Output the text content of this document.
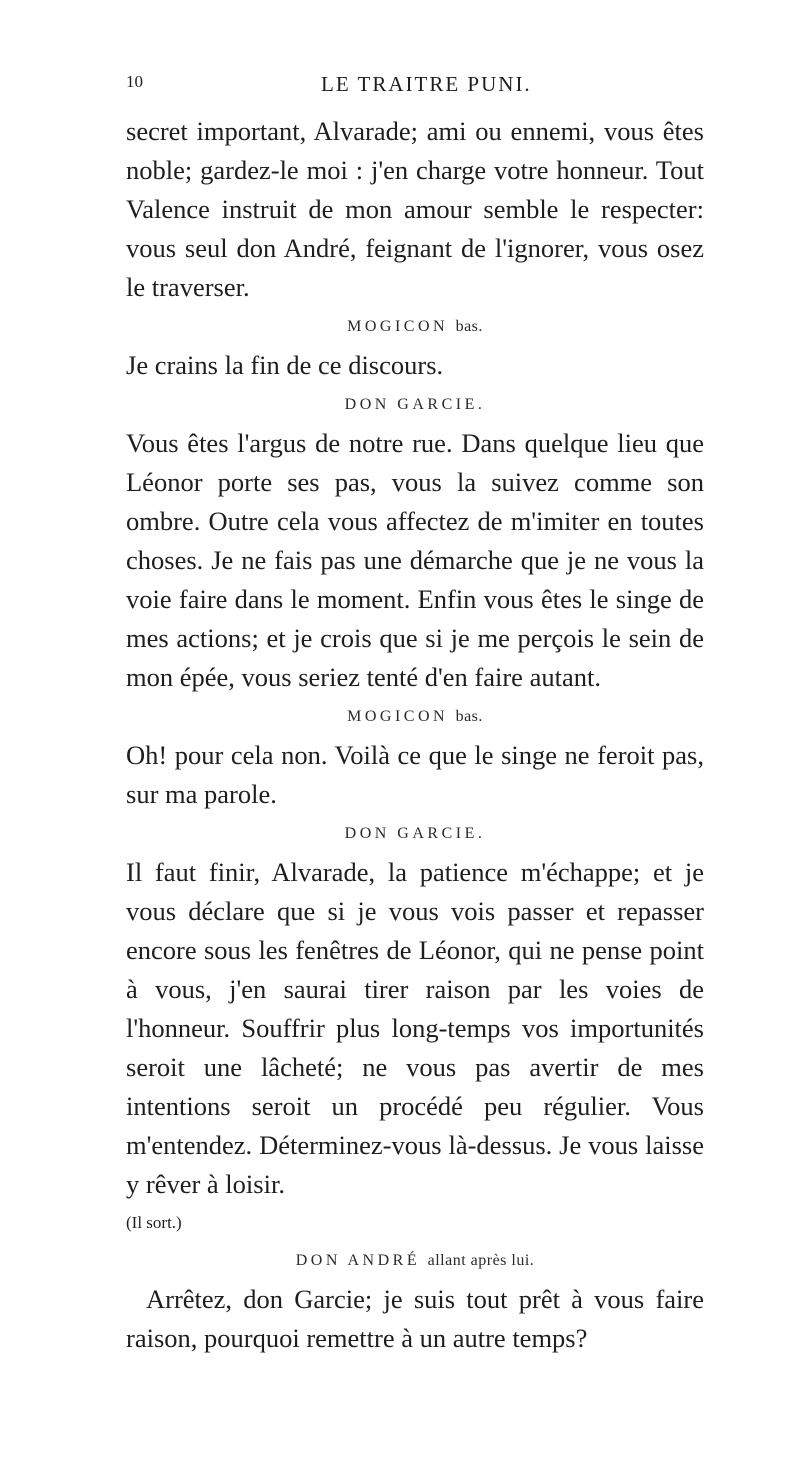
10	LE TRAITRE PUNI.

secret important, Alvarade; ami ou ennemi, vous êtes noble; gardez-le moi : j'en charge votre honneur. Tout Valence instruit de mon amour semble le respecter: vous seul don André, feignant de l'ignorer, vous osez le traverser.

MOGICON bas.

Je crains la fin de ce discours.

DON GARCIE.

Vous êtes l'argus de notre rue. Dans quelque lieu que Léonor porte ses pas, vous la suivez comme son ombre. Outre cela vous affectez de m'imiter en toutes choses. Je ne fais pas une démarche que je ne vous la voie faire dans le moment. Enfin vous êtes le singe de mes actions; et je crois que si je me perçois le sein de mon épée, vous seriez tenté d'en faire autant.

MOGICON bas.

Oh! pour cela non. Voilà ce que le singe ne feroit pas, sur ma parole.

DON GARCIE.

Il faut finir, Alvarade, la patience m'échappe; et je vous déclare que si je vous vois passer et repasser encore sous les fenêtres de Léonor, qui ne pense point à vous, j'en saurai tirer raison par les voies de l'honneur. Souffrir plus long-temps vos importunités seroit une lâcheté; ne vous pas avertir de mes intentions seroit un procédé peu régulier. Vous m'entendez. Déterminez-vous là-dessus. Je vous laisse y rêver à loisir.

(Il sort.)

DON ANDRÉ allant après lui.

Arrêtez, don Garcie; je suis tout prêt à vous faire raison, pourquoi remettre à un autre temps?
